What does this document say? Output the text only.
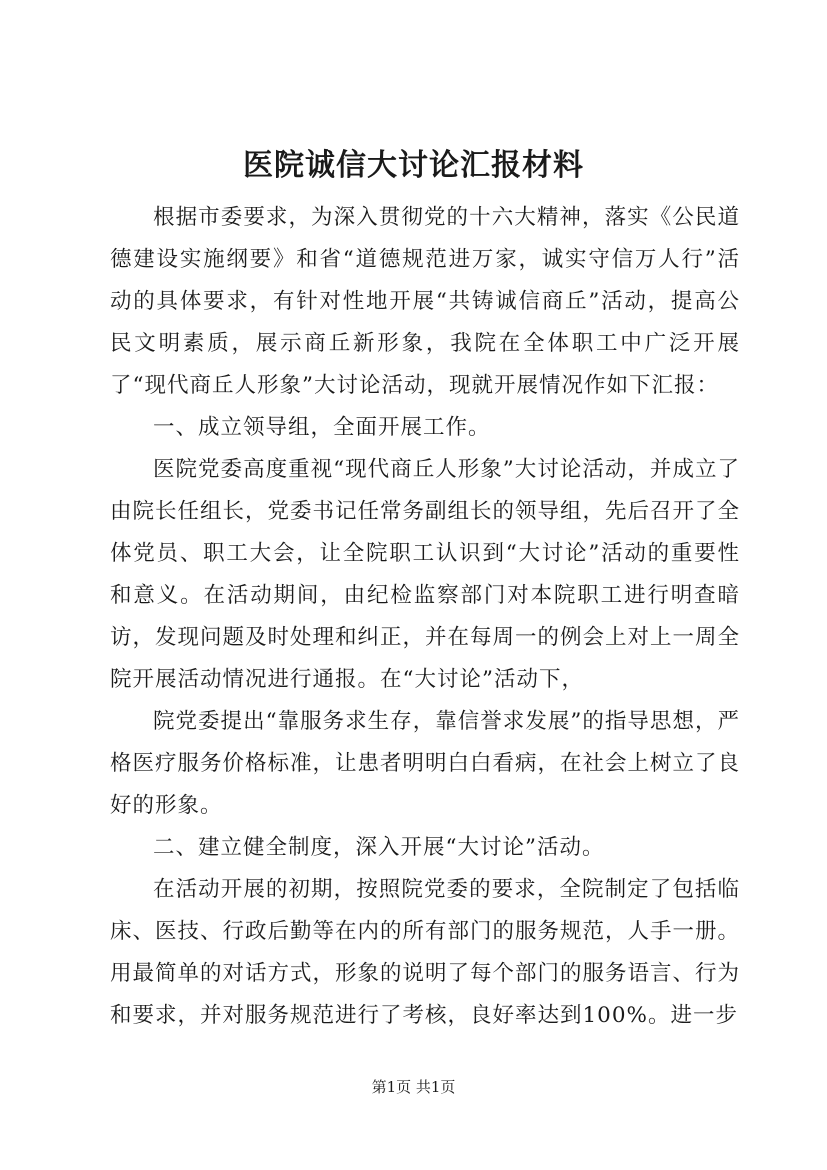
医院诚信大讨论汇报材料

根据市委要求，为深入贯彻党的十六大精神，落实《公民道德建设实施纲要》和省“道德规范进万家，诚实守信万人行”活动的具体要求，有针对性地开展“共铸诚信商丘”活动，提高公民文明素质，展示商丘新形象，我院在全体职工中广泛开展了“现代商丘人形象”大讨论活动，现就开展情况作如下汇报：

一、成立领导组，全面开展工作。

医院党委高度重视“现代商丘人形象”大讨论活动，并成立了由院长任组长，党委书记任常务副组长的领导组，先后召开了全体党员、职工大会，让全院职工认识到“大讨论”活动的重要性和意义。在活动期间，由纪检监察部门对本院职工进行明查暗访，发现问题及时处理和纠正，并在每周一的例会上对上一周全院开展活动情况进行通报。在“大讨论”活动下，

院党委提出“靠服务求生存，靠信誉求发展”的指导思想，严格医疗服务价格标准，让患者明明白白看病，在社会上树立了良好的形象。

二、建立健全制度，深入开展“大讨论”活动。

在活动开展的初期，按照院党委的要求，全院制定了包括临床、医技、行政后勤等在内的所有部门的服务规范，人手一册。用最简单的对话方式，形象的说明了每个部门的服务语言、行为和要求，并对服务规范进行了考核，良好率达到100%。进一步

第1页 共1页
